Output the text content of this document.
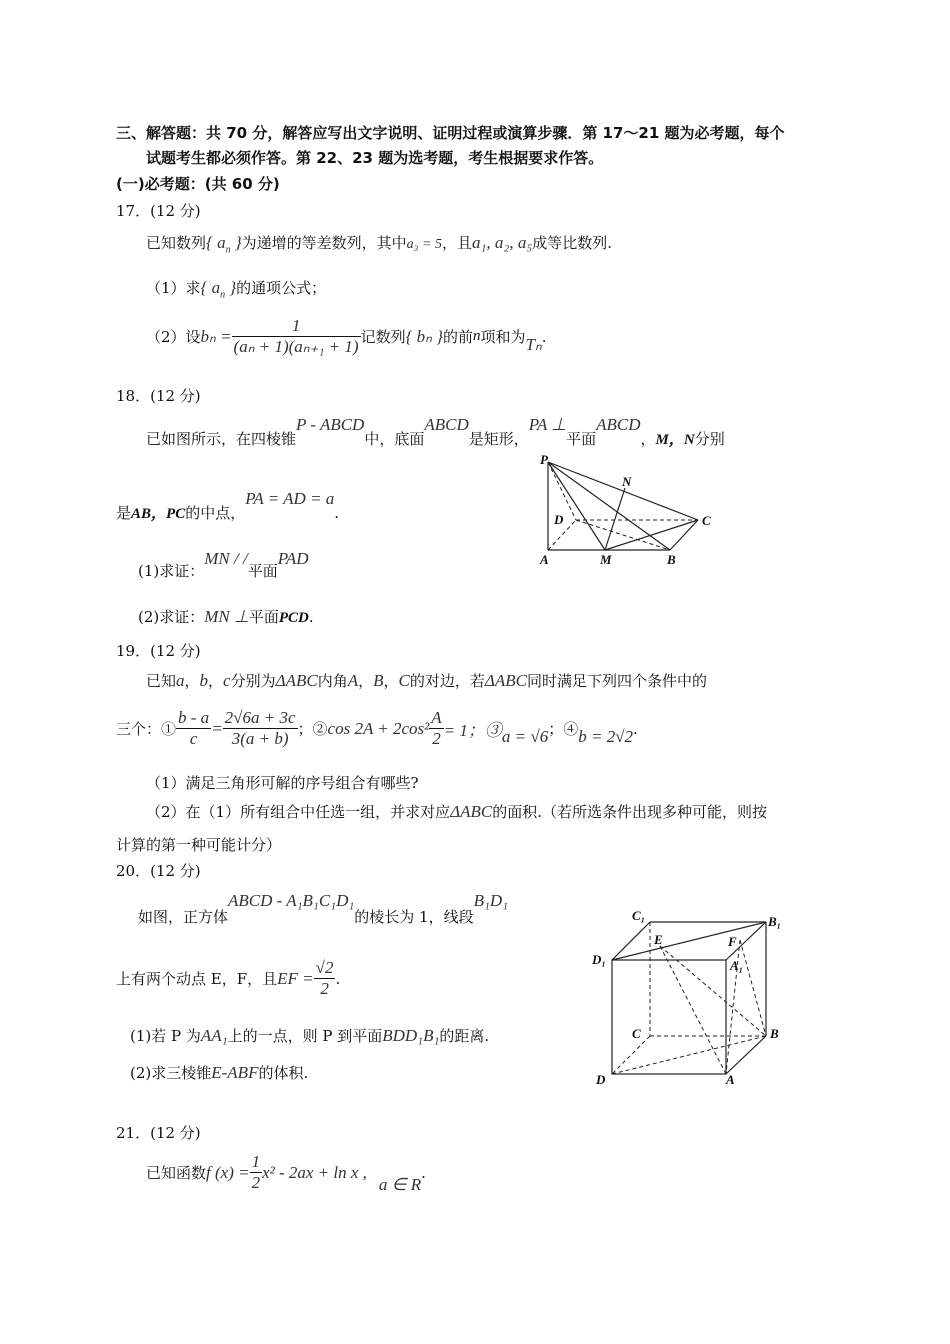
三、解答题：共 70 分，解答应写出文字说明、证明过程或演算步骤．第 17～21 题为必考题，每个
试题考生都必须作答。第 22、23 题为选考题，考生根据要求作答。
(一)必考题：(共 60 分)
17．(12 分)
已知数列{ $a_n$ }为递增的等差数列，其中a₃ = 5，且a₁, a₂, a₅成等比数列.
（1）求{ $a_n$ }的通项公式；
（2）设 $b_n = \frac{1}{\text{(aₙ + 1)(aₙ₊₁ + 1)}}$ 记数列 { bₙ } 的前 n 项和为 Tₙ .
18．(12 分)
已如图所示，在四棱锥P - ABCD中，底面ABCD是矩形，PA ⊥平面ABCD，M，N分别
是AB，PC的中点，PA = AD = a.
(1)求证：MN / /平面PAD
(2)求证：MN ⊥平面PCD.
P
N
D	C
A	M	B
19．(12 分)
已知a，b，c分别为ΔABC内角A，B，C的对边，若ΔABC同时满足下列四个条件中的
三个：① $\frac{b - a}{c} = \frac{2√6a + 3c}{3(a + b)}$ ；② $\cos 2A + 2\cos^2 \frac{A}{2} = 1$；③ a = √6 ；④ b = 2√2 .
（1）满足三角形可解的序号组合有哪些?
（2）在（1）所有组合中任选一组，并求对应ΔABC的面积.（若所选条件出现多种可能，则按
计算的第一种可能计分）
20．(12 分)
如图，正方体ABCD - A₁B₁C₁D₁的棱长为 1，线段B₁D₁
上有两个动点 E，F，且 EF = $\frac{√2}{2}$ .
(1)若 P 为AA₁上的一点，则 P 到平面BDD₁B₁的距离.
(2)求三棱锥E-ABF的体积.
C₁	B₁
E	F
D₁	A₁
C	B
D	A
21．(12 分)
已知函数 f $(x) = \frac{1}{2} x^2 - 2ax + \ln x$ ,
a ∈ R
.
